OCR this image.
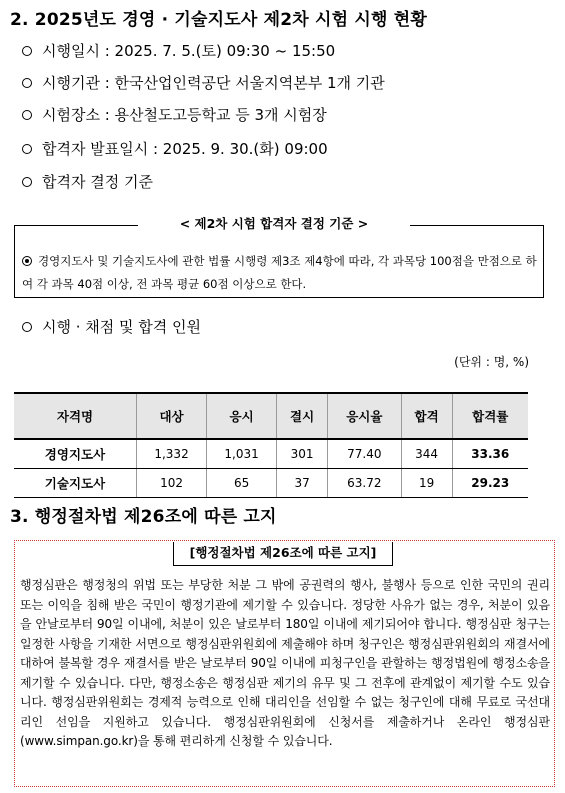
2. 2025년도 경영 · 기술지도사 제2차 시험 시행 현황
시행일시 : 2025. 7. 5.(토) 09:30 ~ 15:50
시행기관 : 한국산업인력공단 서울지역본부 1개 기관
시험장소 : 용산철도고등학교 등 3개 시험장
합격자 발표일시 : 2025. 9. 30.(화) 09:00
합격자 결정 기준
< 제2차 시험 합격자 결정 기준 >
경영지도사 및 기술지도사에 관한 법률 시행령 제3조 제4항에 따라, 각 과목당 100점을 만점으로 하여 각 과목 40점 이상, 전 과목 평균 60점 이상으로 한다.
시행 · 채점 및 합격 인원
(단위 : 명, %)
자격명	대상	응시	결시	응시율	합격	합격률
경영지도사	1,332	1,031	301	77.40	344	33.36
기술지도사	102	65	37	63.72	19	29.23
3. 행정절차법 제26조에 따른 고지
[행정절차법 제26조에 따른 고지]
행정심판은 행정청의 위법 또는 부당한 처분 그 밖에 공권력의 행사, 불행사 등으로 인한 국민의 권리 또는 이익을 침해 받은 국민이 행정기관에 제기할 수 있습니다. 정당한 사유가 없는 경우, 처분이 있음을 안날로부터 90일 이내에, 처분이 있은 날로부터 180일 이내에 제기되어야 합니다. 행정심판 청구는 일정한 사항을 기재한 서면으로 행정심판위원회에 제출해야 하며 청구인은 행정심판위원회의 재결서에 대하여 불복할 경우 재결서를 받은 날로부터 90일 이내에 피청구인을 관할하는 행정법원에 행정소송을 제기할 수 있습니다. 다만, 행정소송은 행정심판 제기의 유무 및 그 전후에 관계없이 제기할 수도 있습니다. 행정심판위원회는 경제적 능력으로 인해 대리인을 선임할 수 없는 청구인에 대해 무료로 국선대리인 선임을 지원하고 있습니다. 행정심판위원회에 신청서를 제출하거나 온라인 행정심판(www.simpan.go.kr)을 통해 편리하게 신청할 수 있습니다.
